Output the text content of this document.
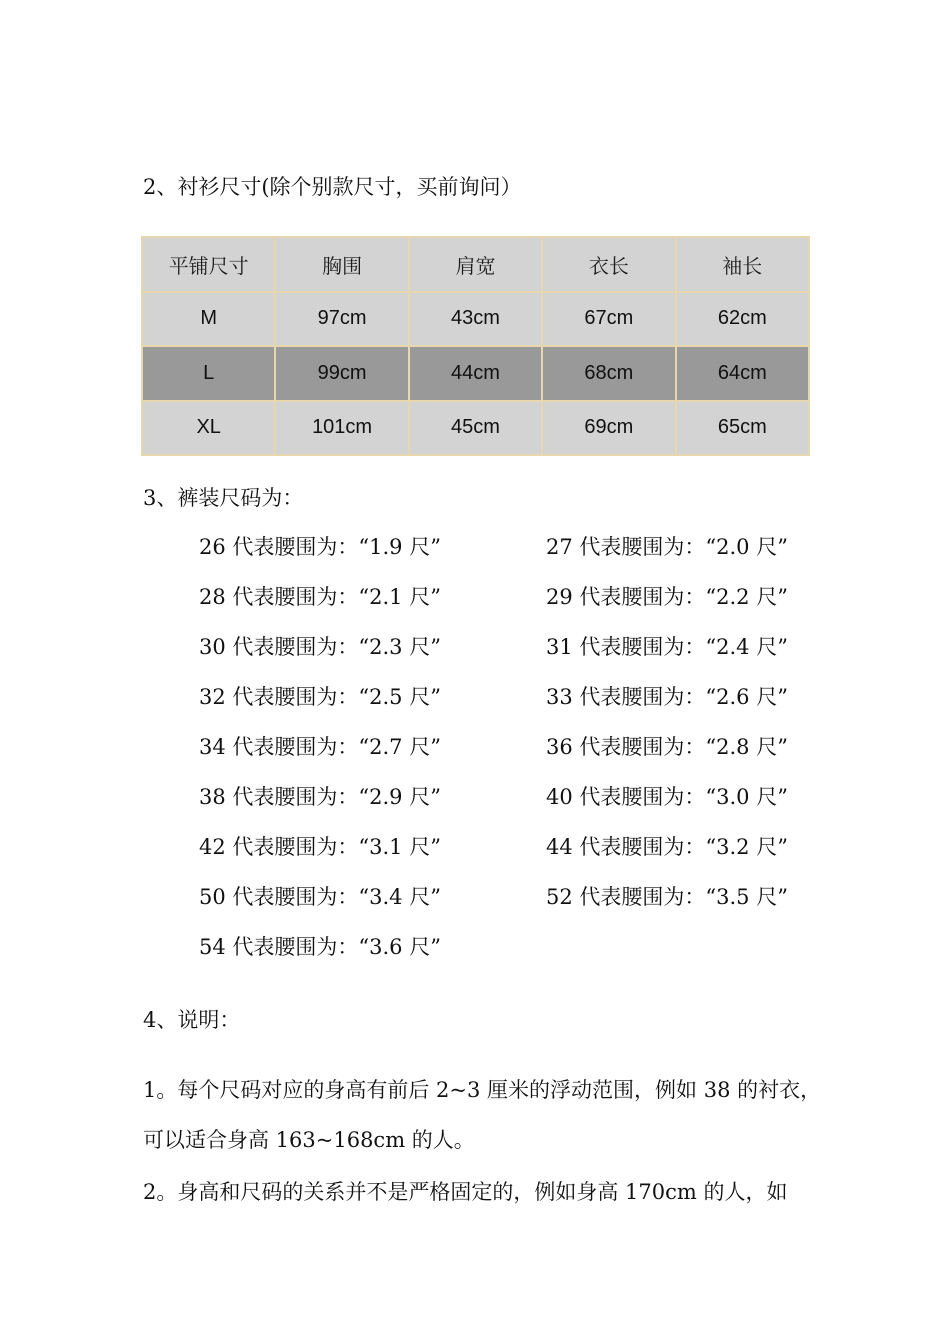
2、衬衫尺寸(除个别款尺寸，买前询问）
平铺尺寸	胸围	肩宽	衣长	袖长
M	97cm	43cm	67cm	62cm
L	99cm	44cm	68cm	64cm
XL	101cm	45cm	69cm	65cm
3、裤装尺码为：
26 代表腰围为：“1.9 尺”	27 代表腰围为：“2.0 尺”
28 代表腰围为：“2.1 尺”	29 代表腰围为：“2.2 尺”
30 代表腰围为：“2.3 尺”	31 代表腰围为：“2.4 尺”
32 代表腰围为：“2.5 尺”	33 代表腰围为：“2.6 尺”
34 代表腰围为：“2.7 尺”	36 代表腰围为：“2.8 尺”
38 代表腰围为：“2.9 尺”	40 代表腰围为：“3.0 尺”
42 代表腰围为：“3.1 尺”	44 代表腰围为：“3.2 尺”
50 代表腰围为：“3.4 尺”	52 代表腰围为：“3.5 尺”
54 代表腰围为：“3.6 尺”
4、说明：
1。每个尺码对应的身高有前后 2~3 厘米的浮动范围，例如 38 的衬衣，
可以适合身高 163~168cm 的人。
2。身高和尺码的关系并不是严格固定的，例如身高 170cm 的人，如
